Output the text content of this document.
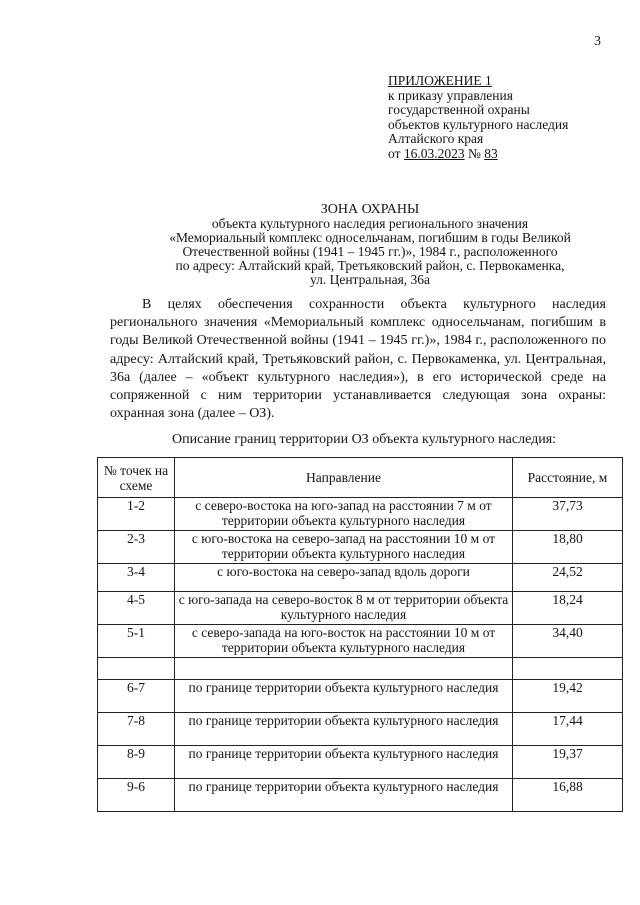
3
ПРИЛОЖЕНИЕ 1
к приказу управления
государственной охраны
объектов культурного наследия
Алтайского края
от 16.03.2023 № 83
ЗОНА ОХРАНЫ
объекта культурного наследия регионального значения
«Мемориальный комплекс односельчанам, погибшим в годы Великой
Отечественной войны (1941 – 1945 гг.)», 1984 г., расположенного
по адресу: Алтайский край, Третьяковский район, с. Первокаменка,
ул. Центральная, 36а
В целях обеспечения сохранности объекта культурного наследия регионального значения «Мемориальный комплекс односельчанам, погибшим в годы Великой Отечественной войны (1941 – 1945 гг.)», 1984 г., расположенного по адресу: Алтайский край, Третьяковский район, с. Первокаменка, ул. Центральная, 36а (далее – «объект культурного наследия»), в его исторической среде на сопряженной с ним территории устанавливается следующая зона охраны: охранная зона (далее – ОЗ).
Описание границ территории ОЗ объекта культурного наследия:
№ точек на схеме	Направление	Расстояние, м
1-2	с северо-востока на юго-запад на расстоянии 7 м от территории объекта культурного наследия	37,73
2-3	с юго-востока на северо-запад на расстоянии 10 м от территории объекта культурного наследия	18,80
3-4	с юго-востока на северо-запад вдоль дороги	24,52
4-5	с юго-запада на северо-восток 8 м от территории объекта культурного наследия	18,24
5-1	с северо-запада на юго-восток на расстоянии 10 м от территории объекта культурного наследия	34,40

6-7	по границе территории объекта культурного наследия	19,42
7-8	по границе территории объекта культурного наследия	17,44
8-9	по границе территории объекта культурного наследия	19,37
9-6	по границе территории объекта культурного наследия	16,88
